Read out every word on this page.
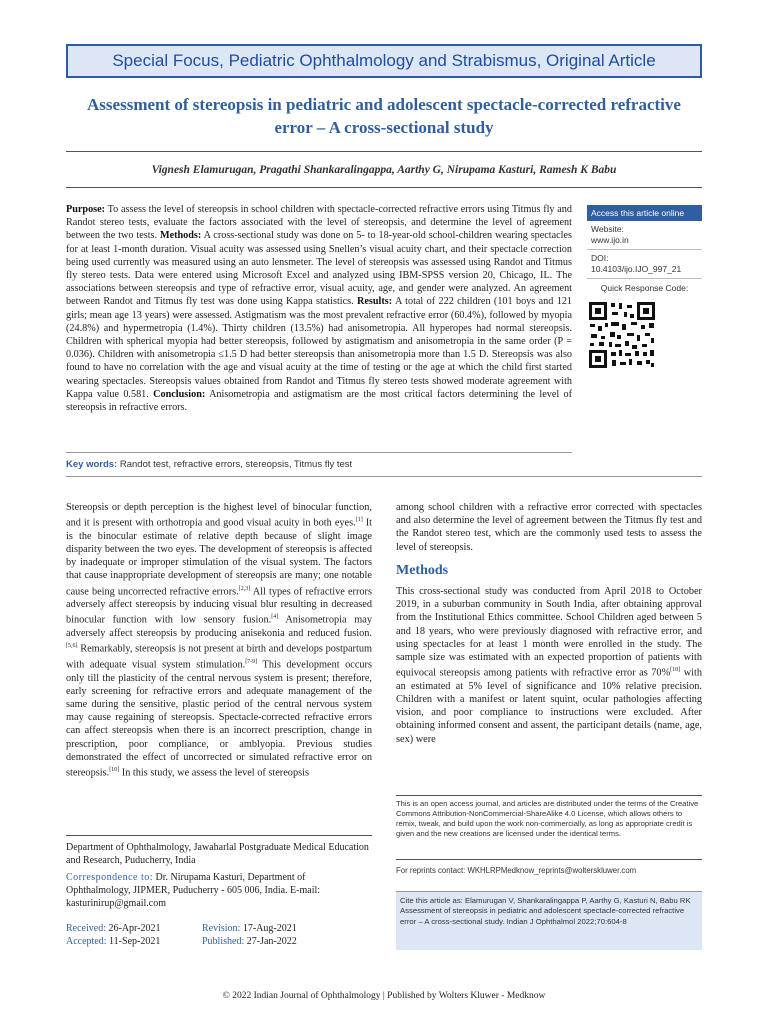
Special Focus, Pediatric Ophthalmology and Strabismus, Original Article
Assessment of stereopsis in pediatric and adolescent spectacle-corrected refractive error – A cross-sectional study
Vignesh Elamurugan, Pragathi Shankaralingappa, Aarthy G, Nirupama Kasturi, Ramesh K Babu

Purpose: To assess the level of stereopsis in school children with spectacle-corrected refractive errors using Titmus fly and Randot stereo tests, evaluate the factors associated with the level of stereopsis, and determine the level of agreement between the two tests. Methods: A cross-sectional study was done on 5- to 18-year-old school-children wearing spectacles for at least 1-month duration. Visual acuity was assessed using Snellen’s visual acuity chart, and their spectacle correction being used currently was measured using an auto lensmeter. The level of stereopsis was assessed using Randot and Titmus fly stereo tests. Data were entered using Microsoft Excel and analyzed using IBM-SPSS version 20, Chicago, IL. The associations between stereopsis and type of refractive error, visual acuity, age, and gender were analyzed. An agreement between Randot and Titmus fly test was done using Kappa statistics. Results: A total of 222 children (101 boys and 121 girls; mean age 13 years) were assessed. Astigmatism was the most prevalent refractive error (60.4%), followed by myopia (24.8%) and hypermetropia (1.4%). Thirty children (13.5%) had anisometropia. All hyperopes had normal stereopsis. Children with spherical myopia had better stereopsis, followed by astigmatism and anisometropia in the same order (P = 0.036). Children with anisometropia ≤1.5 D had better stereopsis than anisometropia more than 1.5 D. Stereopsis was also found to have no correlation with the age and visual acuity at the time of testing or the age at which the child first started wearing spectacles. Stereopsis values obtained from Randot and Titmus fly stereo tests showed moderate agreement with Kappa value 0.581. Conclusion: Anisometropia and astigmatism are the most critical factors determining the level of stereopsis in refractive errors.

Access this article online
Website:
www.ijo.in
DOI:
10.4103/ijo.IJO_997_21
Quick Response Code:
Key words: Randot test, refractive errors, stereopsis, Titmus fly test

Stereopsis or depth perception is the highest level of binocular function, and it is present with orthotropia and good visual acuity in both eyes.[1] It is the binocular estimate of relative depth because of slight image disparity between the two eyes. The development of stereopsis is affected by inadequate or improper stimulation of the visual system. The factors that cause inappropriate development of stereopsis are many; one notable cause being uncorrected refractive errors.[2,3] All types of refractive errors adversely affect stereopsis by inducing visual blur resulting in decreased binocular function with low sensory fusion.[4] Anisometropia may adversely affect stereopsis by producing anisekonia and reduced fusion.[5,6] Remarkably, stereopsis is not present at birth and develops postpartum with adequate visual system stimulation.[7-9] This development occurs only till the plasticity of the central nervous system is present; therefore, early screening for refractive errors and adequate management of the same during the sensitive, plastic period of the central nervous system may cause regaining of stereopsis. Spectacle-corrected refractive errors can affect stereopsis when there is an incorrect prescription, change in prescription, poor compliance, or amblyopia. Previous studies demonstrated the effect of uncorrected or simulated refractive error on stereopsis.[10] In this study, we assess the level of stereopsis

among school children with a refractive error corrected with spectacles and also determine the level of agreement between the Titmus fly test and the Randot stereo test, which are the commonly used tests to assess the level of stereopsis.

Methods

This cross-sectional study was conducted from April 2018 to October 2019, in a suburban community in South India, after obtaining approval from the Institutional Ethics committee. School Children aged between 5 and 18 years, who were previously diagnosed with refractive error, and using spectacles for at least 1 month were enrolled in the study. The sample size was estimated with an expected proportion of patients with equivocal stereopsis among patients with refractive error as 70%[10] with an estimated at 5% level of significance and 10% relative precision. Children with a manifest or latent squint, ocular pathologies affecting vision, and poor compliance to instructions were excluded. After obtaining informed consent and assent, the participant details (name, age, sex) were

Department of Ophthalmology, Jawaharlal Postgraduate Medical Education and Research, Puducherry, India

Correspondence to: Dr. Nirupama Kasturi, Department of Ophthalmology, JIPMER, Puducherry - 605 006, India. E-mail: kasturinirup@gmail.com

Received: 26-Apr-2021	Revision: 17-Aug-2021
Accepted: 11-Sep-2021	Published: 27-Jan-2022
This is an open access journal, and articles are distributed under the terms of the Creative Commons Attribution-NonCommercial-ShareAlike 4.0 License, which allows others to remix, tweak, and build upon the work non-commercially, as long as appropriate credit is given and the new creations are licensed under the identical terms.
For reprints contact: WKHLRPMedknow_reprints@wolterskluwer.com
Cite this article as: Elamurugan V, Shankaralingappa P, Aarthy G, Kasturi N, Babu RK Assessment of stereopsis in pediatric and adolescent spectacle-corrected refractive error – A cross-sectional study. Indian J Ophthalmol 2022;70:604-8
© 2022 Indian Journal of Ophthalmology | Published by Wolters Kluwer - Medknow
